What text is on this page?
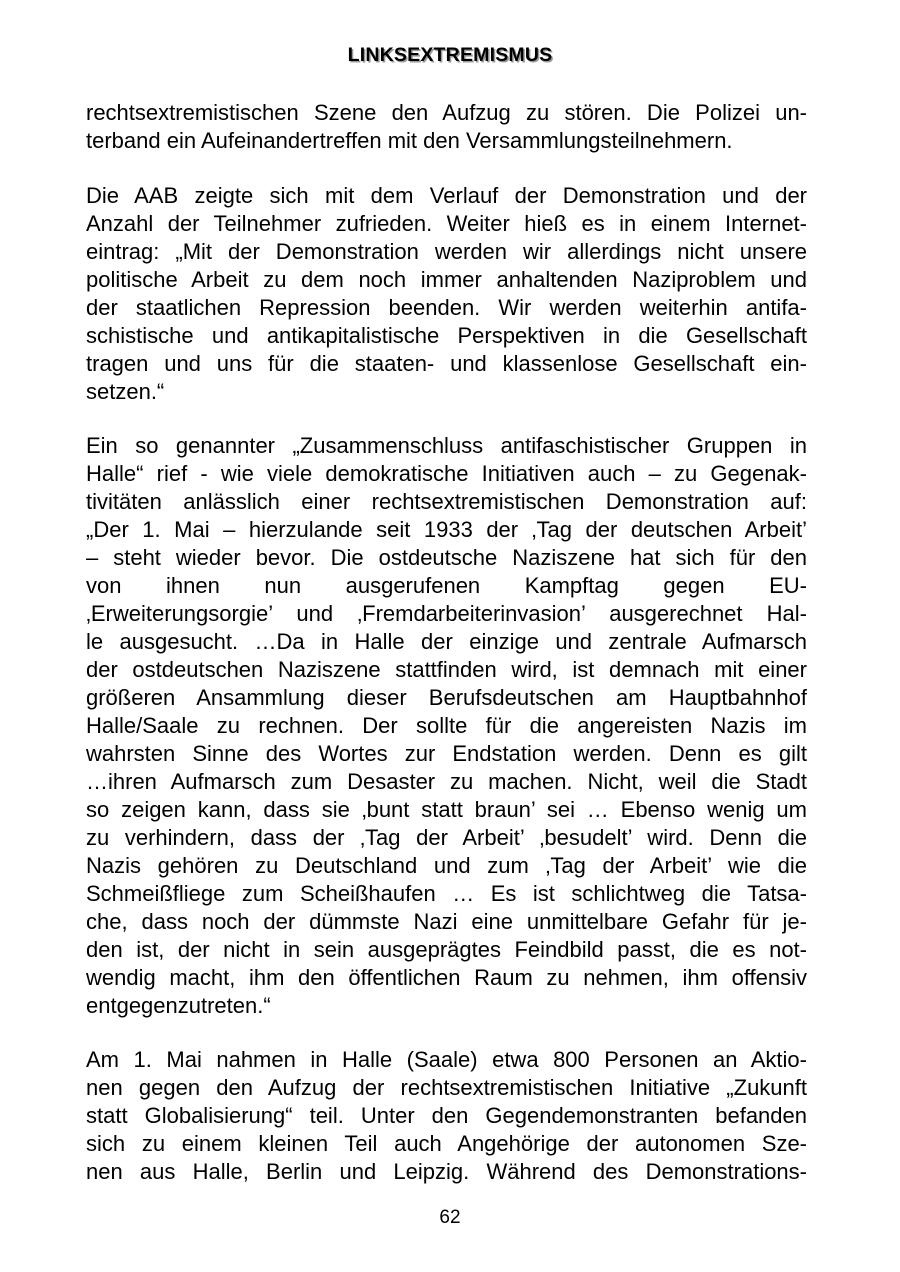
LINKSEXTREMISMUS
rechtsextremistischen Szene den Aufzug zu stören. Die Polizei un-
terband ein Aufeinandertreffen mit den Versammlungsteilnehmern.
Die AAB zeigte sich mit dem Verlauf der Demonstration und der
Anzahl der Teilnehmer zufrieden. Weiter hieß es in einem Internet-
eintrag: „Mit der Demonstration werden wir allerdings nicht unsere
politische Arbeit zu dem noch immer anhaltenden Naziproblem und
der staatlichen Repression beenden. Wir werden weiterhin antifa-
schistische und antikapitalistische Perspektiven in die Gesellschaft
tragen und uns für die staaten- und klassenlose Gesellschaft ein-
setzen.“
Ein so genannter „Zusammenschluss antifaschistischer Gruppen in
Halle“ rief - wie viele demokratische Initiativen auch – zu Gegenak-
tivitäten anlässlich einer rechtsextremistischen Demonstration auf:
„Der 1. Mai – hierzulande seit 1933 der ‚Tag der deutschen Arbeit’
– steht wieder bevor. Die ostdeutsche Naziszene hat sich für den
von ihnen nun ausgerufenen Kampftag gegen EU-
‚Erweiterungsorgie’ und ‚Fremdarbeiterinvasion’ ausgerechnet Hal-
le ausgesucht. …Da in Halle der einzige und zentrale Aufmarsch
der ostdeutschen Naziszene stattfinden wird, ist demnach mit einer
größeren Ansammlung dieser Berufsdeutschen am Hauptbahnhof
Halle/Saale zu rechnen. Der sollte für die angereisten Nazis im
wahrsten Sinne des Wortes zur Endstation werden. Denn es gilt
…ihren Aufmarsch zum Desaster zu machen. Nicht, weil die Stadt
so zeigen kann, dass sie ‚bunt statt braun’ sei … Ebenso wenig um
zu verhindern, dass der ‚Tag der Arbeit’ ‚besudelt’ wird. Denn die
Nazis gehören zu Deutschland und zum ‚Tag der Arbeit’ wie die
Schmeißfliege zum Scheißhaufen … Es ist schlichtweg die Tatsa-
che, dass noch der dümmste Nazi eine unmittelbare Gefahr für je-
den ist, der nicht in sein ausgeprägtes Feindbild passt, die es not-
wendig macht, ihm den öffentlichen Raum zu nehmen, ihm offensiv
entgegenzutreten.“
Am 1. Mai nahmen in Halle (Saale) etwa 800 Personen an Aktio-
nen gegen den Aufzug der rechtsextremistischen Initiative „Zukunft
statt Globalisierung“ teil. Unter den Gegendemonstranten befanden
sich zu einem kleinen Teil auch Angehörige der autonomen Sze-
nen aus Halle, Berlin und Leipzig. Während des Demonstrations-
62
